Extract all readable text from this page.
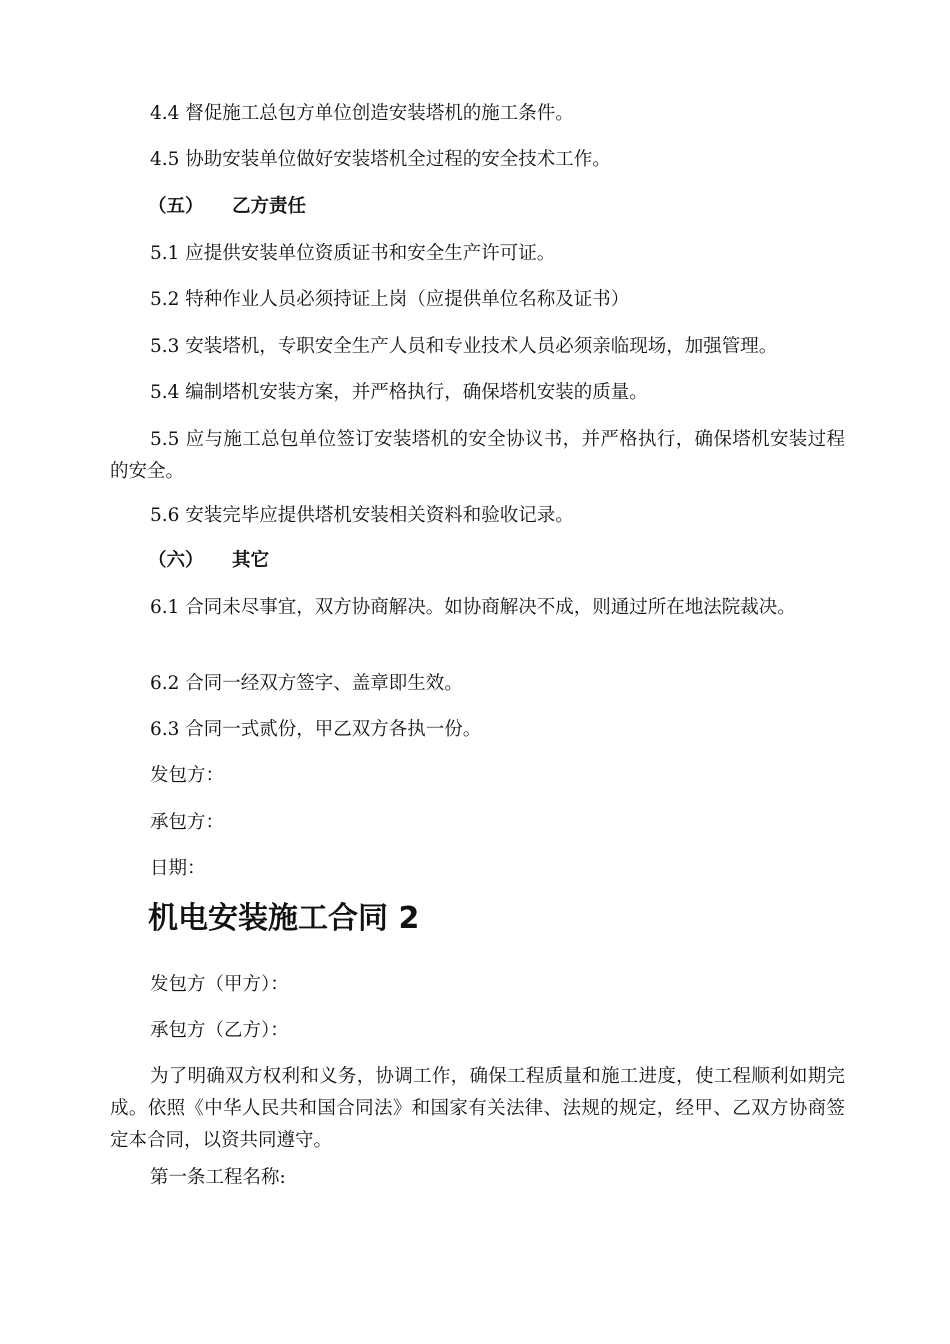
4.4 督促施工总包方单位创造安装塔机的施工条件。
4.5 协助安装单位做好安装塔机全过程的安全技术工作。
（五） 乙方责任
5.1 应提供安装单位资质证书和安全生产许可证。
5.2 特种作业人员必须持证上岗（应提供单位名称及证书）
5.3 安装塔机，专职安全生产人员和专业技术人员必须亲临现场，加强管理。
5.4 编制塔机安装方案，并严格执行，确保塔机安装的质量。
5.5 应与施工总包单位签订安装塔机的安全协议书，并严格执行，确保塔机安装过程的安全。
5.6 安装完毕应提供塔机安装相关资料和验收记录。
（六） 其它
6.1 合同未尽事宜，双方协商解决。如协商解决不成，则通过所在地法院裁决。
6.2 合同一经双方签字、盖章即生效。
6.3 合同一式贰份，甲乙双方各执一份。
发包方：
承包方：
日期：
机电安装施工合同 2
发包方（甲方）：
承包方（乙方）：
为了明确双方权利和义务，协调工作，确保工程质量和施工进度，使工程顺利如期完成。依照《中华人民共和国合同法》和国家有关法律、法规的规定，经甲、乙双方协商签定本合同，以资共同遵守。
第一条工程名称:
